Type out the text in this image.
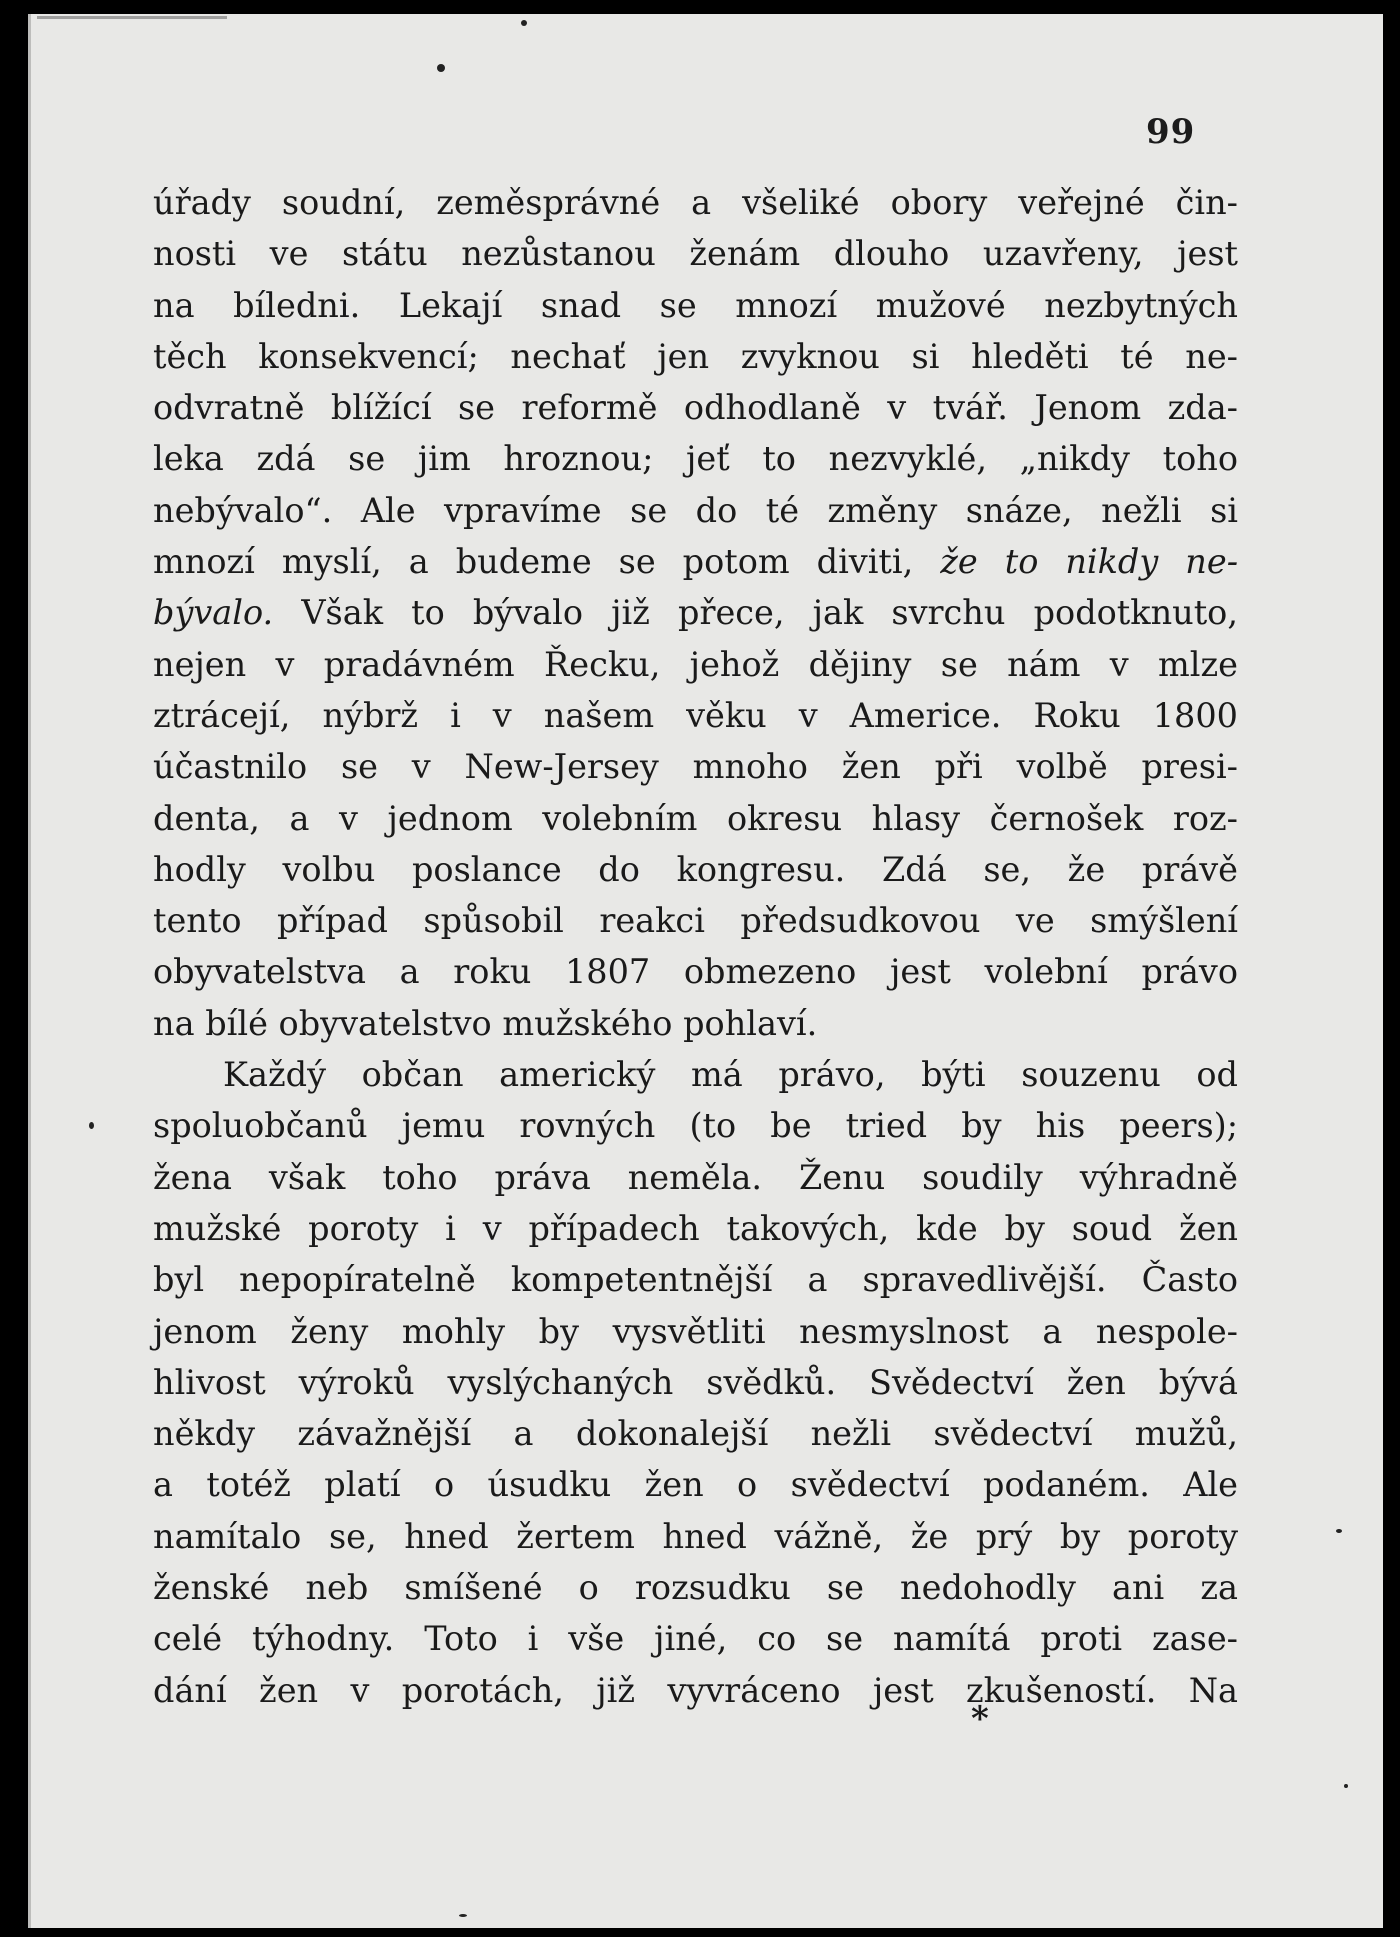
99
úřady soudní, zeměsprávné a všeliké obory veřejné čin-
nosti ve státu nezůstanou ženám dlouho uzavřeny, jest
na bíledni. Lekají snad se mnozí mužové nezbytných
těch konsekvencí; nechať jen zvyknou si hleděti té ne-
odvratně blížící se reformě odhodlaně v tvář. Jenom zda-
leka zdá se jim hroznou; jeť to nezvyklé, „nikdy toho
nebývalo“. Ale vpravíme se do té změny snáze, nežli si
mnozí myslí, a budeme se potom diviti, že to nikdy ne-
bývalo. Však to bývalo již přece, jak svrchu podotknuto,
nejen v pradávném Řecku, jehož dějiny se nám v mlze
ztrácejí, nýbrž i v našem věku v Americe. Roku 1800
účastnilo se v New-Jersey mnoho žen při volbě presi-
denta, a v jednom volebním okresu hlasy černošek roz-
hodly volbu poslance do kongresu. Zdá se, že právě
tento případ spůsobil reakci předsudkovou ve smýšlení
obyvatelstva a roku 1807 obmezeno jest volební právo
na bílé obyvatelstvo mužského pohlaví.
Každý občan americký má právo, býti souzenu od
spoluobčanů jemu rovných (to be tried by his peers);
žena však toho práva neměla. Ženu soudily výhradně
mužské poroty i v případech takových, kde by soud žen
byl nepopíratelně kompetentnější a spravedlivější. Často
jenom ženy mohly by vysvětliti nesmyslnost a nespole-
hlivost výroků vyslýchaných svědků. Svědectví žen bývá
někdy závažnější a dokonalejší nežli svědectví mužů,
a totéž platí o úsudku žen o svědectví podaném. Ale
namítalo se, hned žertem hned vážně, že prý by poroty
ženské neb smíšené o rozsudku se nedohodly ani za
celé týhodny. Toto i vše jiné, co se namítá proti zase-
dání žen v porotách, již vyvráceno jest zkušeností. Na
*
